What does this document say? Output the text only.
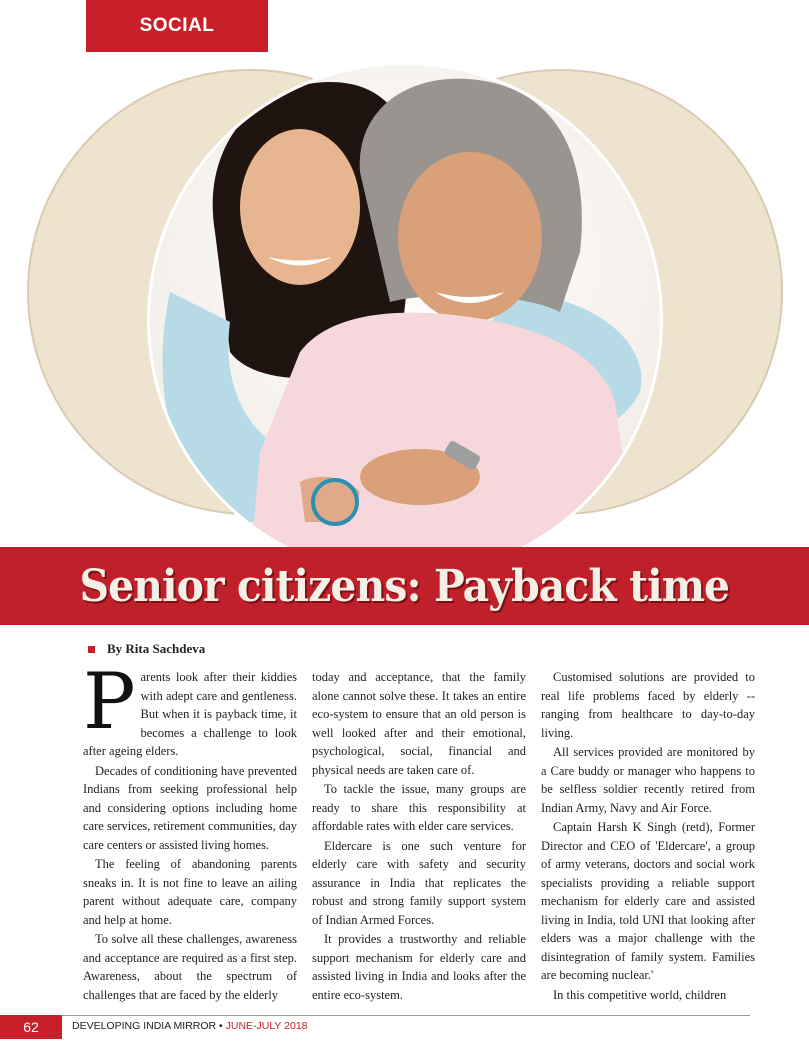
SOCIAL
Senior citizens: Payback time
By Rita Sachdeva

Parents look after their kiddies with adept care and gentleness. But when it is payback time, it becomes a challenge to look after ageing elders.

Decades of conditioning have prevented Indians from seeking professional help and considering options including home care services, retirement communities, day care centers or assisted living homes.

The feeling of abandoning parents sneaks in. It is not fine to leave an ailing parent without adequate care, company and help at home.

To solve all these challenges, awareness and acceptance are required as a first step. Awareness, about the spectrum of challenges that are faced by the elderly

today and acceptance, that the family alone cannot solve these. It takes an entire eco-system to ensure that an old person is well looked after and their emotional, psychological, social, financial and physical needs are taken care of.

To tackle the issue, many groups are ready to share this responsibility at affordable rates with elder care services.

Eldercare is one such venture for elderly care with safety and security assurance in India that replicates the robust and strong family support system of Indian Armed Forces.

It provides a trustworthy and reliable support mechanism for elderly care and assisted living in India and looks after the entire eco-system.

Customised solutions are provided to real life problems faced by elderly -- ranging from healthcare to day-to-day living.

All services provided are monitored by a Care buddy or manager who happens to be selfless soldier recently retired from Indian Army, Navy and Air Force.

Captain Harsh K Singh (retd), Former Director and CEO of 'Eldercare', a group of army veterans, doctors and social work specialists providing a reliable support mechanism for elderly care and assisted living in India, told UNI that looking after elders was a major challenge with the disintegration of family system. Families are becoming nuclear.'

In this competitive world, children

62	DEVELOPING INDIA MIRROR • JUNE-JULY 2018
